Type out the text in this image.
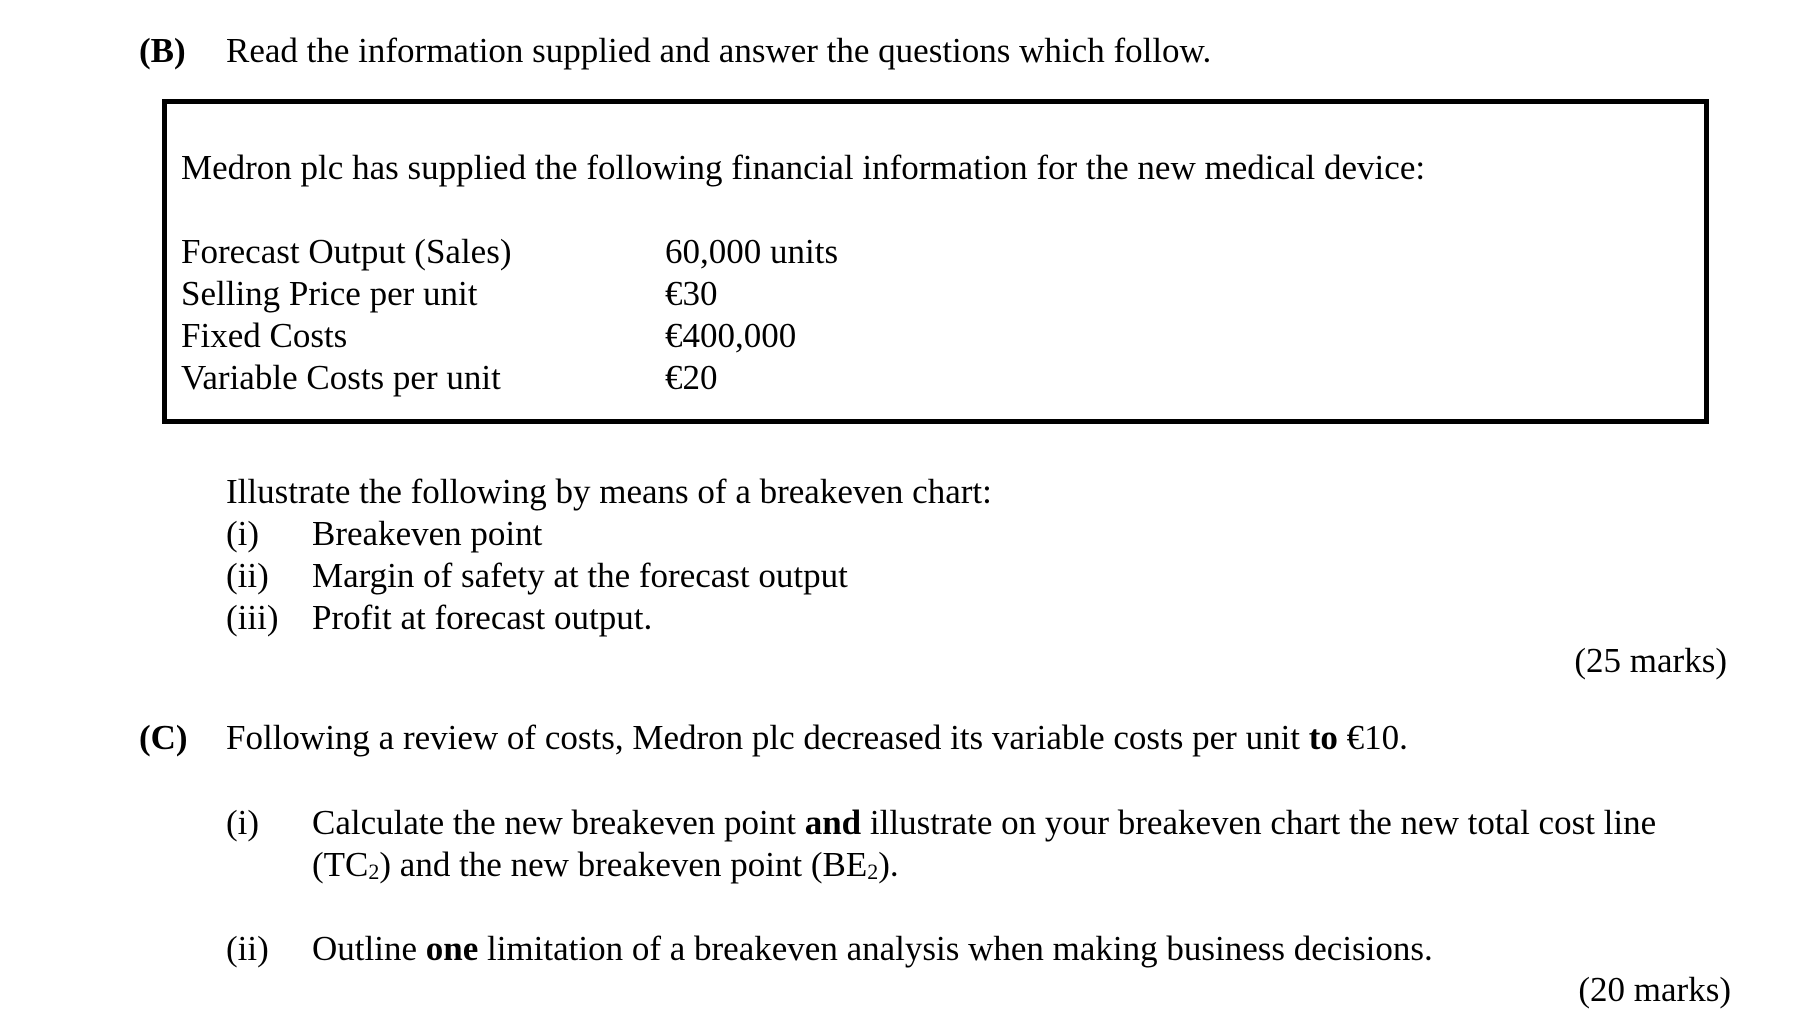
(B) Read the information supplied and answer the questions which follow.
Medron plc has supplied the following financial information for the new medical device:
Forecast Output (Sales)	60,000 units
Selling Price per unit	€30
Fixed Costs	€400,000
Variable Costs per unit	€20
Illustrate the following by means of a breakeven chart:
(i) Breakeven point
(ii) Margin of safety at the forecast output
(iii) Profit at forecast output.
(25 marks)
(C) Following a review of costs, Medron plc decreased its variable costs per unit to €10.
(i) Calculate the new breakeven point and illustrate on your breakeven chart the new total cost line
$(TC_2)$ and the new breakeven point $(BE_2)$.
(ii) Outline one limitation of a breakeven analysis when making business decisions.
(20 marks)
